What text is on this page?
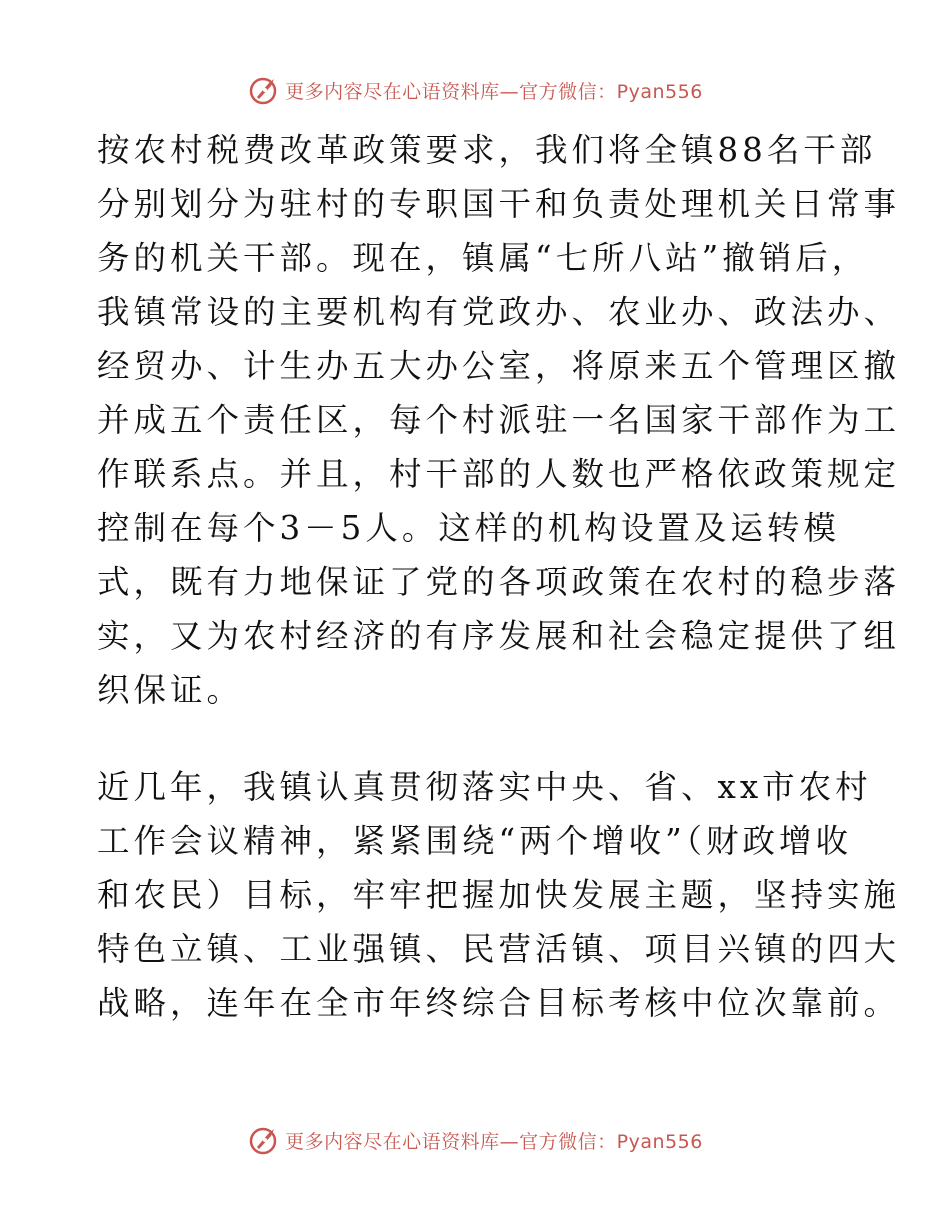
更多内容尽在心语资料库—官方微信：Pyan556
按农村税费改革政策要求，我们将全镇88名干部
分别划分为驻村的专职国干和负责处理机关日常事
务的机关干部。现在，镇属“七所八站”撤销后，
我镇常设的主要机构有党政办、农业办、政法办、
经贸办、计生办五大办公室，将原来五个管理区撤
并成五个责任区，每个村派驻一名国家干部作为工
作联系点。并且，村干部的人数也严格依政策规定
控制在每个3－5人。这样的机构设置及运转模
式，既有力地保证了党的各项政策在农村的稳步落
实，又为农村经济的有序发展和社会稳定提供了组
织保证。
近几年，我镇认真贯彻落实中央、省、xx市农村
工作会议精神，紧紧围绕“两个增收”（财政增收
和农民）目标，牢牢把握加快发展主题，坚持实施
特色立镇、工业强镇、民营活镇、项目兴镇的四大
战略，连年在全市年终综合目标考核中位次靠前。
更多内容尽在心语资料库—官方微信：Pyan556
